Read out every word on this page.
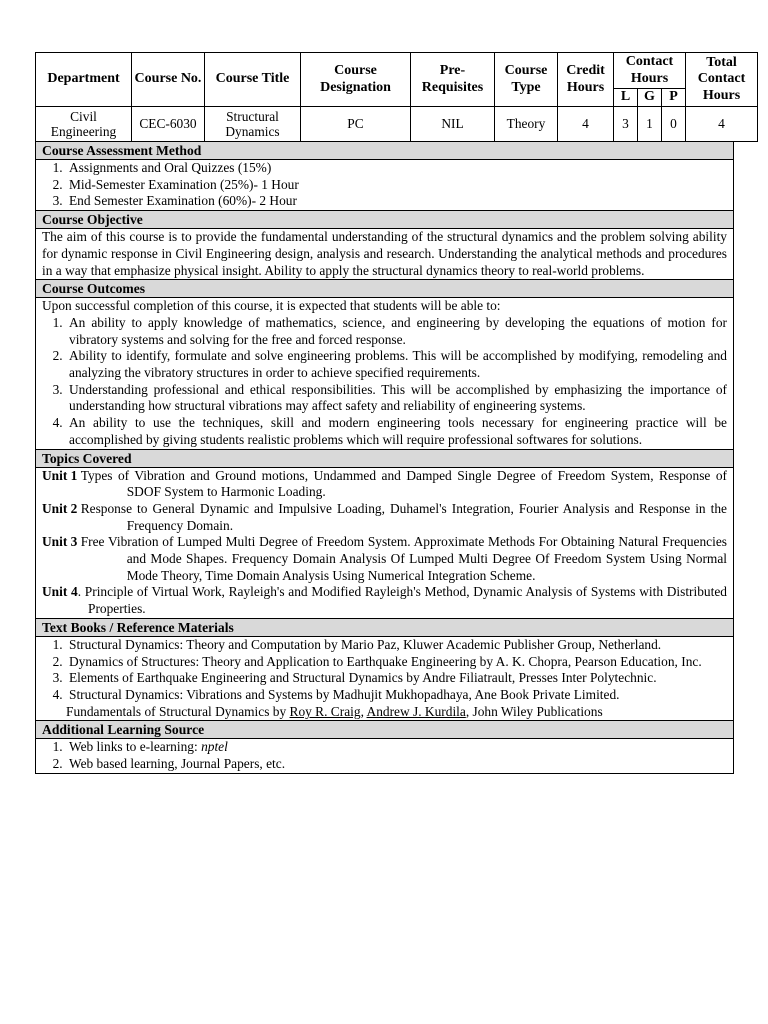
Department	Course No.	Course Title	Course Designation	Pre-Requisites	Course Type	Credit Hours	Contact Hours			Total Contact Hours
							L	G	P	
Civil Engineering	CEC-6030	Structural Dynamics	PC	NIL	Theory	4	3	1	0	4
Course Assessment Method
1. Assignments and Oral Quizzes (15%)
2. Mid-Semester Examination (25%)- 1 Hour
3. End Semester Examination (60%)- 2 Hour
Course Objective
The aim of this course is to provide the fundamental understanding of the structural dynamics and the problem solving ability for dynamic response in Civil Engineering design, analysis and research. Understanding the analytical methods and procedures in a way that emphasize physical insight. Ability to apply the structural dynamics theory to real-world problems.
Course Outcomes
Upon successful completion of this course, it is expected that students will be able to:
1. An ability to apply knowledge of mathematics, science, and engineering by developing the equations of motion for vibratory systems and solving for the free and forced response.
2. Ability to identify, formulate and solve engineering problems. This will be accomplished by modifying, remodeling and analyzing the vibratory structures in order to achieve specified requirements.
3. Understanding professional and ethical responsibilities. This will be accomplished by emphasizing the importance of understanding how structural vibrations may affect safety and reliability of engineering systems.
4. An ability to use the techniques, skill and modern engineering tools necessary for engineering practice will be accomplished by giving students realistic problems which will require professional softwares for solutions.
Topics Covered
Unit 1
Types of Vibration and Ground motions, Undammed and Damped Single Degree of Freedom System, Response of SDOF System to Harmonic Loading.
Unit 2
Response to General Dynamic and Impulsive Loading, Duhamel's Integration, Fourier Analysis and Response in the Frequency Domain.
Unit 3
Free Vibration of Lumped Multi Degree of Freedom System. Approximate Methods For Obtaining Natural Frequencies and Mode Shapes. Frequency Domain Analysis Of Lumped Multi Degree Of Freedom System Using Normal Mode Theory, Time Domain Analysis Using Numerical Integration Scheme.
Unit 4. Principle of Virtual Work, Rayleigh's and Modified Rayleigh's Method, Dynamic Analysis of Systems with Distributed Properties.
Text Books / Reference Materials
1. Structural Dynamics: Theory and Computation by Mario Paz, Kluwer Academic Publisher Group, Netherland.
2. Dynamics of Structures: Theory and Application to Earthquake Engineering by A. K. Chopra, Pearson Education, Inc.
3. Elements of Earthquake Engineering and Structural Dynamics by Andre Filiatrault, Presses Inter Polytechnic.
4. Structural Dynamics: Vibrations and Systems by Madhujit Mukhopadhaya, Ane Book Private Limited.
Fundamentals of Structural Dynamics by Roy R. Craig, Andrew J. Kurdila, John Wiley Publications
Additional Learning Source
1. Web links to e-learning: nptel
2. Web based learning, Journal Papers, etc.
